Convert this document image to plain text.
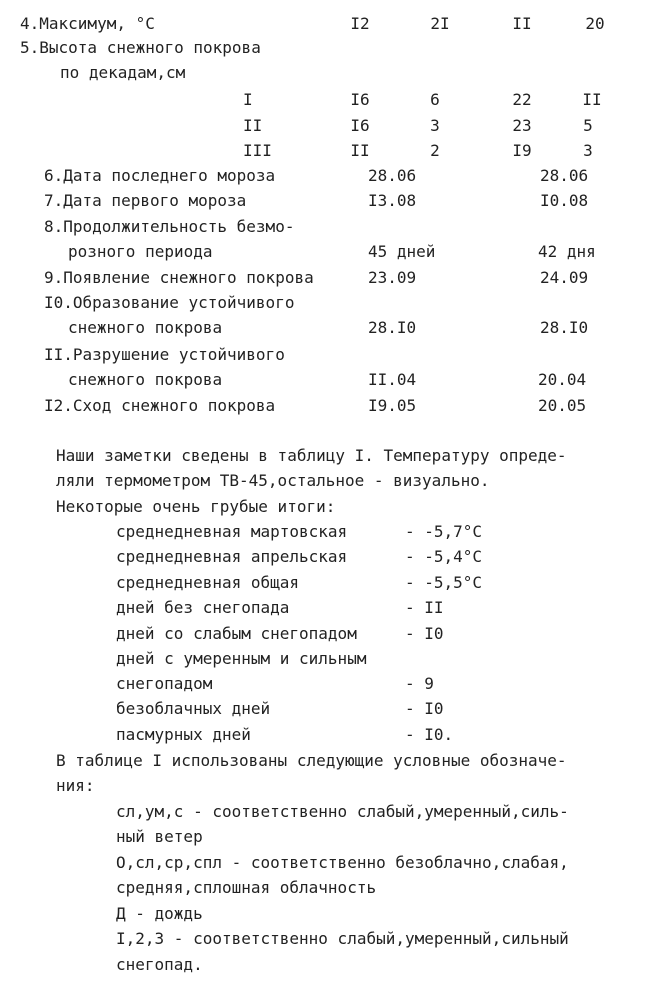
4.Максимум, °C	I2	2I	II	20
5.Высота снежного покрова
по декадам,см
I	I6	6	22	II
II	I6	3	23	5
III	II	2	I9	3
6.Дата последнего мороза	28.06	28.06
7.Дата первого мороза	I3.08	I0.08
8.Продолжительность безмо-
розного периода	45 дней	42 дня
9.Появление снежного покрова	23.09	24.09
I0.Образование устойчивого
снежного покрова	28.I0	28.I0
II.Разрушение устойчивого
снежного покрова	II.04	20.04
I2.Сход снежного покрова	I9.05	20.05
Наши заметки сведены в таблицу I. Температуру опреде-
ляли термометром ТВ-45,остальное - визуально.
Некоторые очень грубые итоги:
среднедневная мартовская	- -5,7°C
среднедневная апрельская	- -5,4°C
среднедневная общая	- -5,5°C
дней без снегопада	- II
дней со слабым снегопадом	- I0
дней с умеренным и сильным
снегопадом	- 9
безоблачных дней	- I0
пасмурных дней	- I0.
В таблице I использованы следующие условные обозначе-
ния:
сл,ум,с - соответственно слабый,умеренный,силь-
ный ветер
О,сл,ср,спл - соответственно безоблачно,слабая,
средняя,сплошная облачность
Д - дождь
I,2,3 - соответственно слабый,умеренный,сильный
снегопад.
